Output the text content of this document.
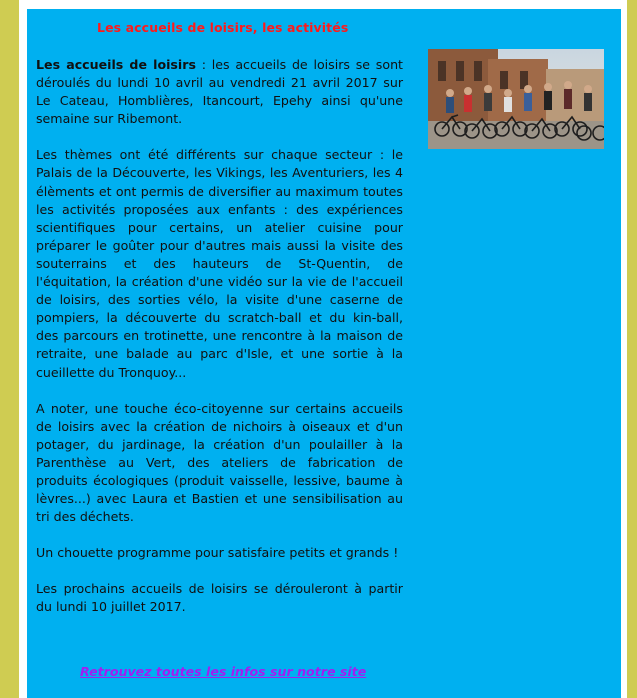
Les accueils de loisirs, les activités

Les accueils de loisirs : les accueils de loisirs se sont déroulés du lundi 10 avril au vendredi 21 avril 2017 sur Le Cateau, Homblières, Itancourt, Epehy ainsi qu'une semaine sur Ribemont.

Les thèmes ont été différents sur chaque secteur : le Palais de la Découverte, les Vikings, les Aventuriers, les 4 élèments et ont permis de diversifier au maximum toutes les activités proposées aux enfants : des expériences scientifiques pour certains, un atelier cuisine pour préparer le goûter pour d'autres mais aussi la visite des souterrains et des hauteurs de St-Quentin, de l'équitation, la création d'une vidéo sur la vie de l'accueil de loisirs, des sorties vélo, la visite d'une caserne de pompiers, la découverte du scratch-ball et du kin-ball, des parcours en trotinette, une rencontre à la maison de retraite, une balade au parc d'Isle, et une sortie à la cueillette du Tronquoy...

A noter, une touche éco-citoyenne sur certains accueils de loisirs avec la création de nichoirs à oiseaux et d'un potager, du jardinage, la création d'un poulailler à la Parenthèse au Vert, des ateliers de fabrication de produits écologiques (produit vaisselle, lessive, baume à lèvres...) avec Laura et Bastien et une sensibilisation au tri des déchets.

Un chouette programme pour satisfaire petits et grands !

Les prochains accueils de loisirs se dérouleront à partir du lundi 10 juillet 2017.

Retrouvez toutes les infos sur notre site
